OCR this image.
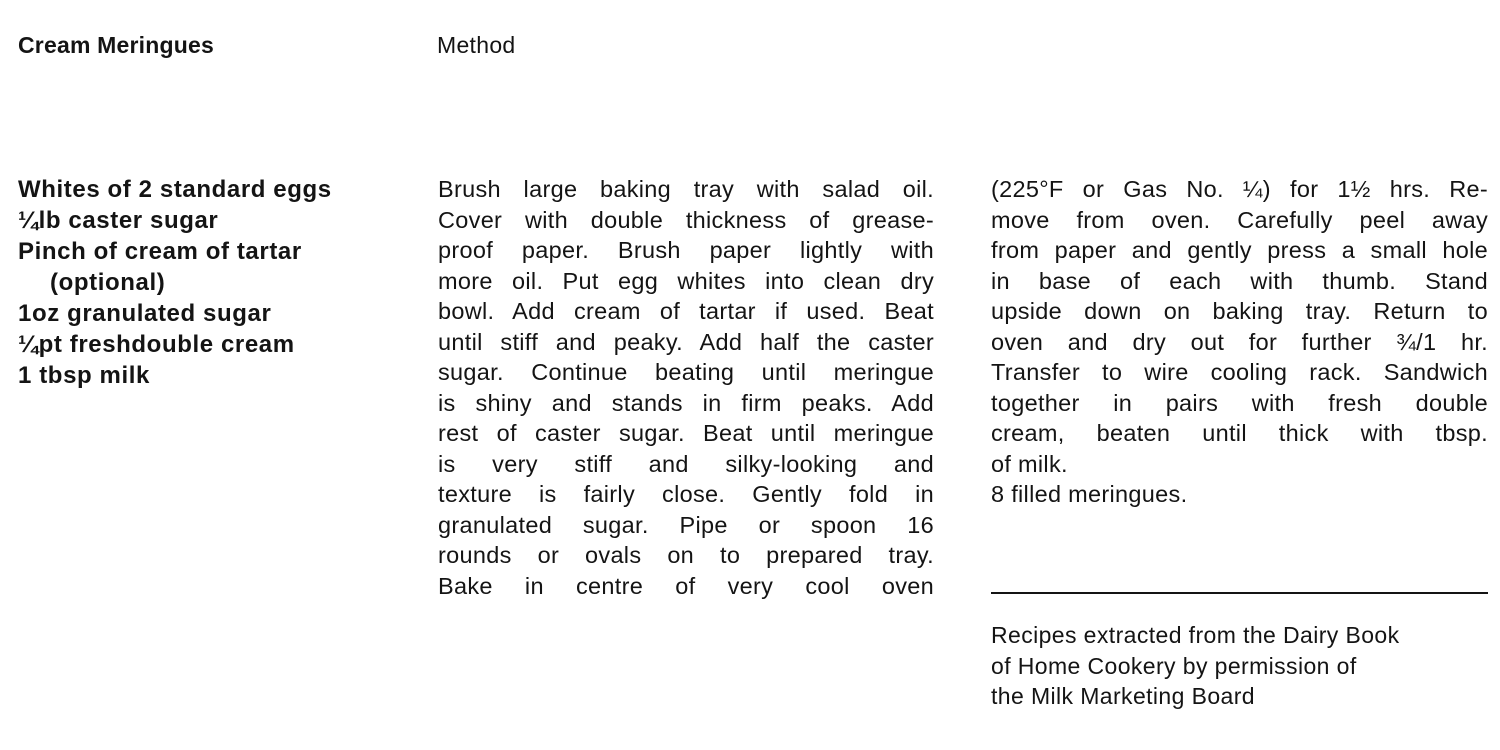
Cream Meringues	Method
Whites of 2 standard eggs
¼lb caster sugar
Pinch of cream of tartar
(optional)
1oz granulated sugar
¼pt freshdouble cream
1 tbsp milk
Brush large baking tray with salad oil.
Cover with double thickness of grease-
proof paper. Brush paper lightly with
more oil. Put egg whites into clean dry
bowl. Add cream of tartar if used. Beat
until stiff and peaky. Add half the caster
sugar. Continue beating until meringue
is shiny and stands in firm peaks. Add
rest of caster sugar. Beat until meringue
is very stiff and silky-looking and
texture is fairly close. Gently fold in
granulated sugar. Pipe or spoon 16
rounds or ovals on to prepared tray.
Bake in centre of very cool oven
(225°F or Gas No. ¼) for 1½ hrs. Re-
move from oven. Carefully peel away
from paper and gently press a small hole
in base of each with thumb. Stand
upside down on baking tray. Return to
oven and dry out for further ¾/1 hr.
Transfer to wire cooling rack. Sandwich
together in pairs with fresh double
cream, beaten until thick with tbsp.
of milk.
8 filled meringues.
Recipes extracted from the Dairy Book
of Home Cookery by permission of
the Milk Marketing Board
